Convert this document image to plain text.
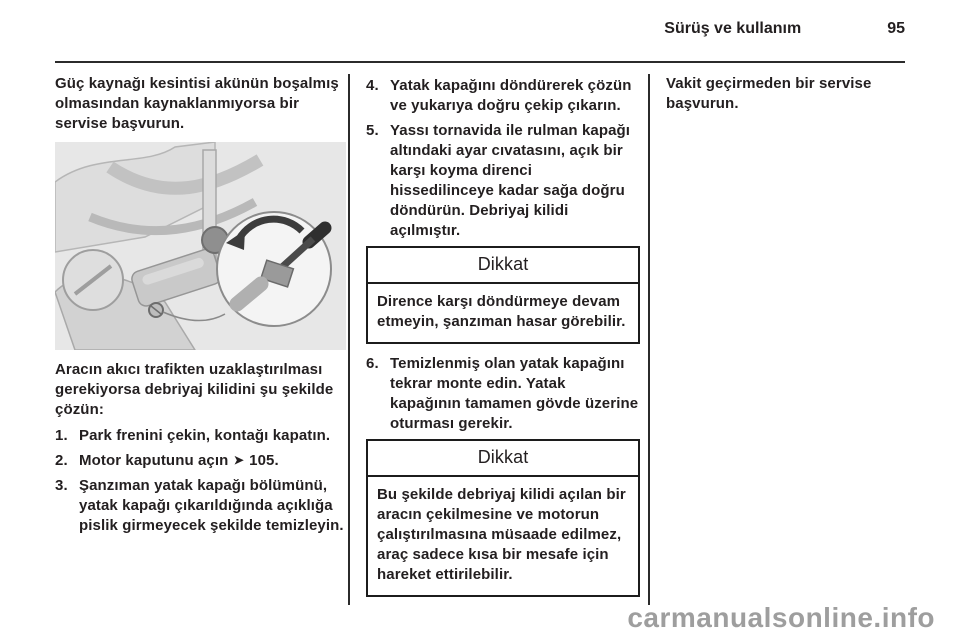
Sürüş ve kullanım	95

Güç kaynağı kesintisi akünün boşalmış olmasından kaynaklanmıyorsa bir servise başvurun.

Aracın akıcı trafikten uzaklaştırılması gerekiyorsa debriyaj kilidini şu şekilde çözün:

1. Park frenini çekin, kontağı kapatın.
2. Motor kaputunu açın ➤ 105.
3. Şanzıman yatak kapağı bölümünü, yatak kapağı çıkarıldığında açıklığa pislik girmeyecek şekilde temizleyin.
4. Yatak kapağını döndürerek çözün ve yukarıya doğru çekip çıkarın.
5. Yassı tornavida ile rulman kapağı altındaki ayar cıvatasını, açık bir karşı koyma direnci hissedilinceye kadar sağa doğru döndürün. Debriyaj kilidi açılmıştır.
Dikkat
Dirence karşı döndürmeye devam etmeyin, şanzıman hasar görebilir.
6. Temizlenmiş olan yatak kapağını tekrar monte edin. Yatak kapağının tamamen gövde üzerine oturması gerekir.
Dikkat
Bu şekilde debriyaj kilidi açılan bir aracın çekilmesine ve motorun çalıştırılmasına müsaade edilmez, araç sadece kısa bir mesafe için hareket ettirilebilir.

Vakit geçirmeden bir servise başvurun.

carmanualsonline.info
